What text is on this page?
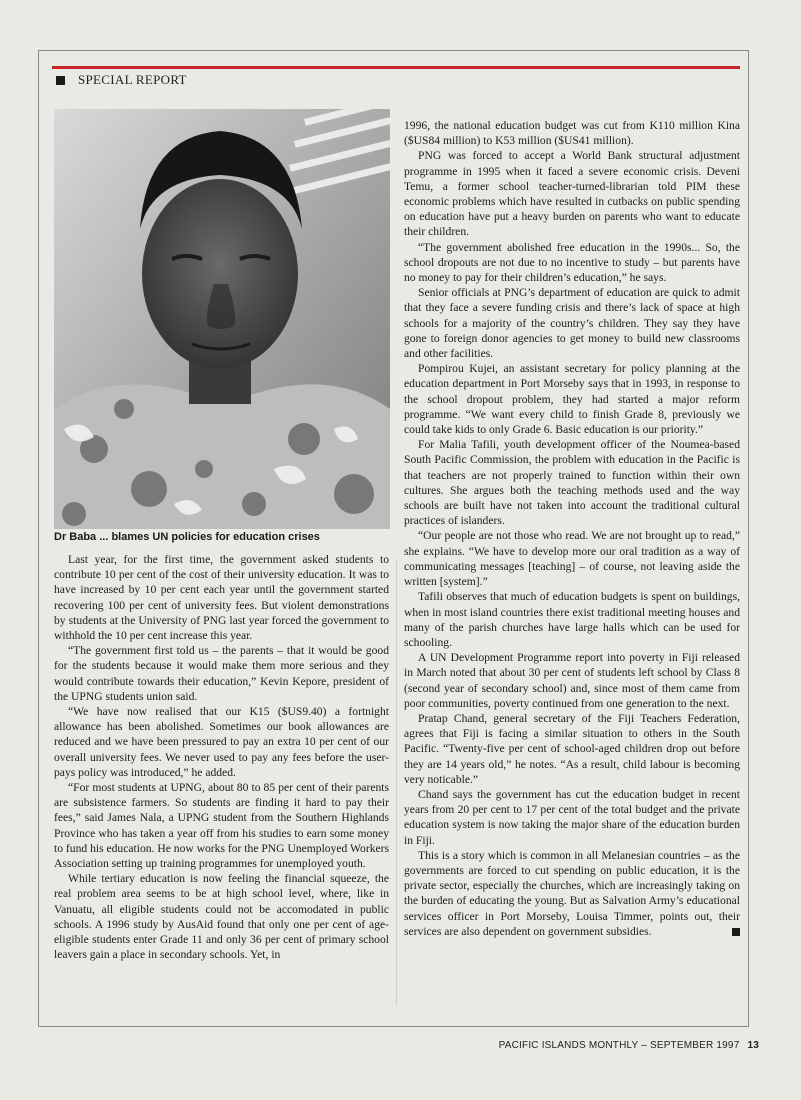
SPECIAL REPORT
Dr Baba ... blames UN policies for education crises

Last year, for the first time, the government asked students to contribute 10 per cent of the cost of their university education. It was to have increased by 10 per cent each year until the government started recovering 100 per cent of university fees. But violent demonstrations by students at the University of PNG last year forced the government to withhold the 10 per cent increase this year.

“The government first told us – the parents – that it would be good for the students because it would make them more serious and they would contribute towards their education,” Kevin Kepore, president of the UPNG students union said.

“We have now realised that our K15 ($US9.40) a fortnight allowance has been abolished. Sometimes our book allowances are reduced and we have been pressured to pay an extra 10 per cent of our overall university fees. We never used to pay any fees before the user-pays policy was introduced,” he added.

“For most students at UPNG, about 80 to 85 per cent of their parents are subsistence farmers. So students are finding it hard to pay their fees,” said James Nala, a UPNG student from the Southern Highlands Province who has taken a year off from his studies to earn some money to fund his education. He now works for the PNG Unemployed Workers Association setting up training programmes for unemployed youth.

While tertiary education is now feeling the financial squeeze, the real problem area seems to be at high school level, where, like in Vanuatu, all eligible students could not be accomodated in public schools. A 1996 study by AusAid found that only one per cent of age-eligible students enter Grade 11 and only 36 per cent of primary school leavers gain a place in secondary schools. Yet, in

1996, the national education budget was cut from K110 million Kina ($US84 million) to K53 million ($US41 million).

PNG was forced to accept a World Bank structural adjustment programme in 1995 when it faced a severe economic crisis. Deveni Temu, a former school teacher-turned-librarian told PIM these economic problems which have resulted in cutbacks on public spending on education have put a heavy burden on parents who want to educate their children.

“The government abolished free education in the 1990s... So, the school dropouts are not due to no incentive to study – but parents have no money to pay for their children’s education,” he says.

Senior officials at PNG’s department of education are quick to admit that they face a severe funding crisis and there’s lack of space at high schools for a majority of the country’s children. They say they have gone to foreign donor agencies to get money to build new classrooms and other facilities.

Pompirou Kujei, an assistant secretary for policy planning at the education department in Port Morseby says that in 1993, in response to the school dropout problem, they had started a major reform programme. “We want every child to finish Grade 8, previously we could take kids to only Grade 6. Basic education is our priority.”

For Malia Tafili, youth development officer of the Noumea-based South Pacific Commission, the problem with education in the Pacific is that teachers are not properly trained to function within their own cultures. She argues both the teaching methods used and the way schools are built have not taken into account the traditional cultural practices of islanders.

“Our people are not those who read. We are not brought up to read,” she explains. “We have to develop more our oral tradition as a way of communicating messages [teaching] – of course, not leaving aside the written [system].”

Tafili observes that much of education budgets is spent on buildings, when in most island countries there exist traditional meeting houses and many of the parish churches have large halls which can be used for schooling.

A UN Development Programme report into poverty in Fiji released in March noted that about 30 per cent of students left school by Class 8 (second year of secondary school) and, since most of them came from poor communities, poverty continued from one generation to the next.

Pratap Chand, general secretary of the Fiji Teachers Federation, agrees that Fiji is facing a similar situation to others in the South Pacific. “Twenty-five per cent of school-aged children drop out before they are 14 years old,” he notes. “As a result, child labour is becoming very noticable.”

Chand says the government has cut the education budget in recent years from 20 per cent to 17 per cent of the total budget and the private education system is now taking the major share of the education burden in Fiji.

This is a story which is common in all Melanesian countries – as the governments are forced to cut spending on public education, it is the private sector, especially the churches, which are increasingly taking on the burden of educating the young. But as Salvation Army’s educational services officer in Port Morseby, Louisa Timmer, points out, their services are also dependent on government subsidies.

PACIFIC ISLANDS MONTHLY – SEPTEMBER 1997 13
